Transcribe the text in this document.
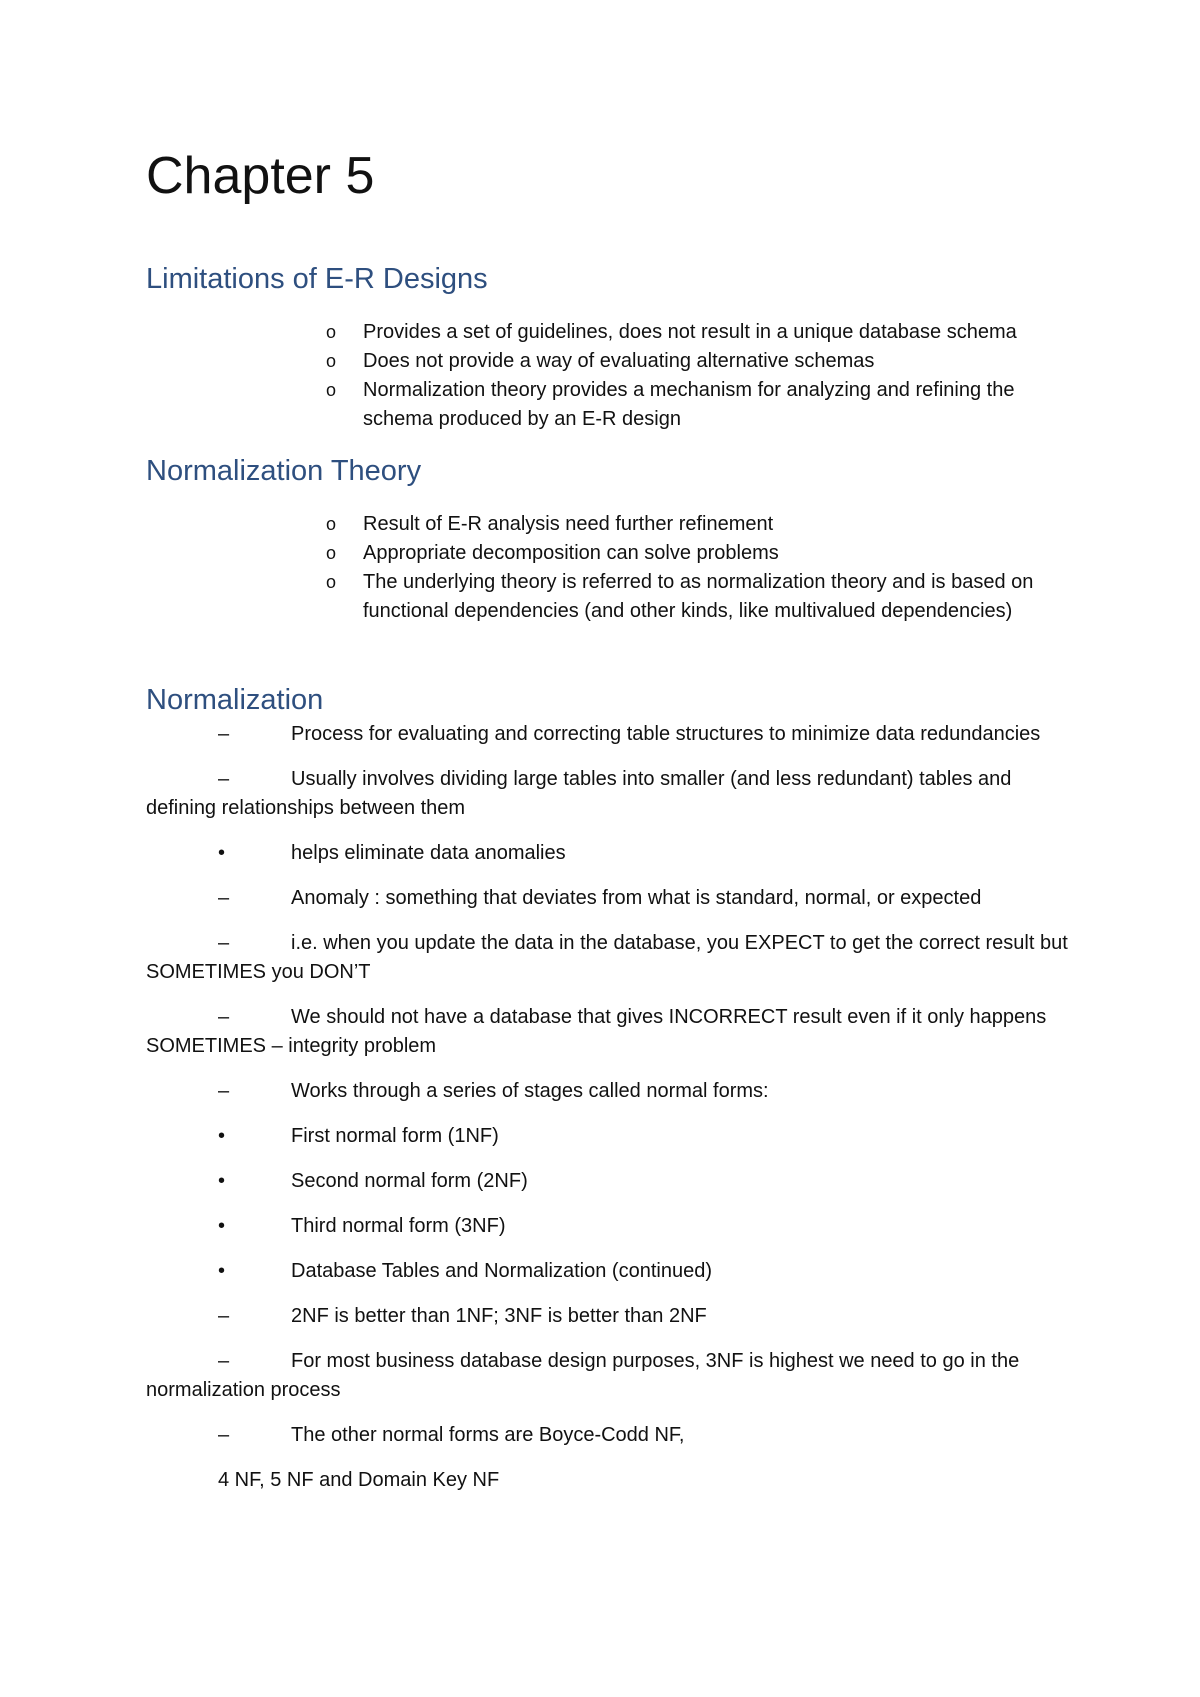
Chapter 5
Limitations of E-R Designs
o Provides a set of guidelines, does not result in a unique database schema
o Does not provide a way of evaluating alternative schemas
o Normalization theory provides a mechanism for analyzing and refining the schema produced by an E-R design
Normalization Theory
o Result of E-R analysis need further refinement
o Appropriate decomposition can solve problems
o The underlying theory is referred to as normalization theory and is based on functional dependencies (and other kinds, like multivalued dependencies)
Normalization
–	Process for evaluating and correcting table structures to minimize data redundancies
–	Usually involves dividing large tables into smaller (and less redundant) tables and defining relationships between them
•	helps eliminate data anomalies
–	Anomaly : something that deviates from what is standard, normal, or expected
–	i.e. when you update the data in the database, you EXPECT to get the correct result but SOMETIMES you DON’T
–	We should not have a database that gives INCORRECT result even if it only happens SOMETIMES – integrity problem
–	Works through a series of stages called normal forms:
•	First normal form (1NF)
•	Second normal form (2NF)
•	Third normal form (3NF)
•	Database Tables and Normalization (continued)
–	2NF is better than 1NF; 3NF is better than 2NF
–	For most business database design purposes, 3NF is highest we need to go in the normalization process
–	The other normal forms are Boyce-Codd NF,
4 NF, 5 NF and Domain Key NF
